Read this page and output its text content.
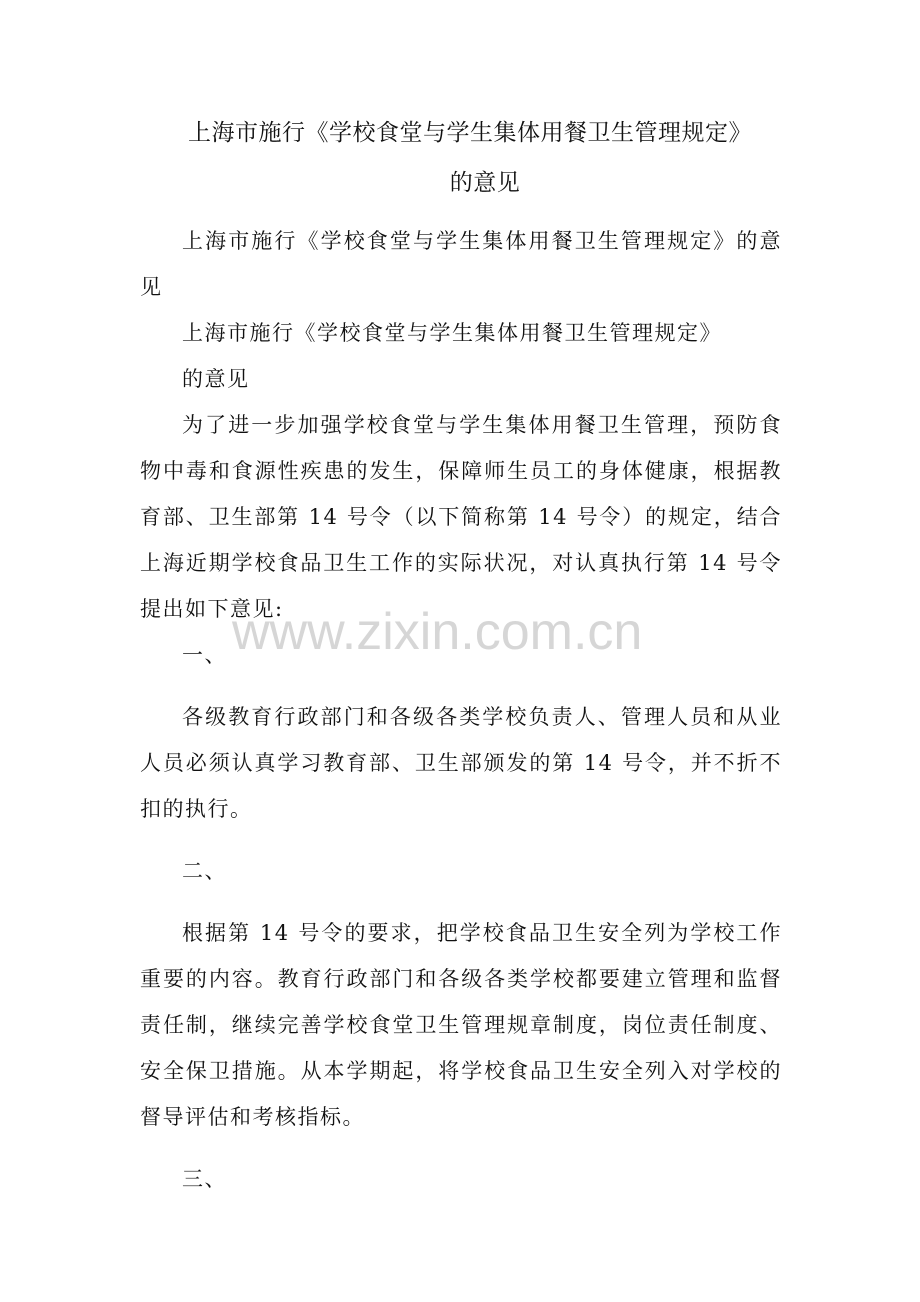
上海市施行《学校食堂与学生集体用餐卫生管理规定》
的意见

上海市施行《学校食堂与学生集体用餐卫生管理规定》的意见

上海市施行《学校食堂与学生集体用餐卫生管理规定》

的意见

为了进一步加强学校食堂与学生集体用餐卫生管理，预防食物中毒和食源性疾患的发生，保障师生员工的身体健康，根据教育部、卫生部第 14 号令（以下简称第 14 号令）的规定，结合上海近期学校食品卫生工作的实际状况，对认真执行第 14 号令提出如下意见:

一、

各级教育行政部门和各级各类学校负责人、管理人员和从业人员必须认真学习教育部、卫生部颁发的第 14 号令，并不折不扣的执行。

二、

根据第 14 号令的要求，把学校食品卫生安全列为学校工作重要的内容。教育行政部门和各级各类学校都要建立管理和监督责任制，继续完善学校食堂卫生管理规章制度，岗位责任制度、安全保卫措施。从本学期起，将学校食品卫生安全列入对学校的督导评估和考核指标。

三、

www.zixin.com.cn
